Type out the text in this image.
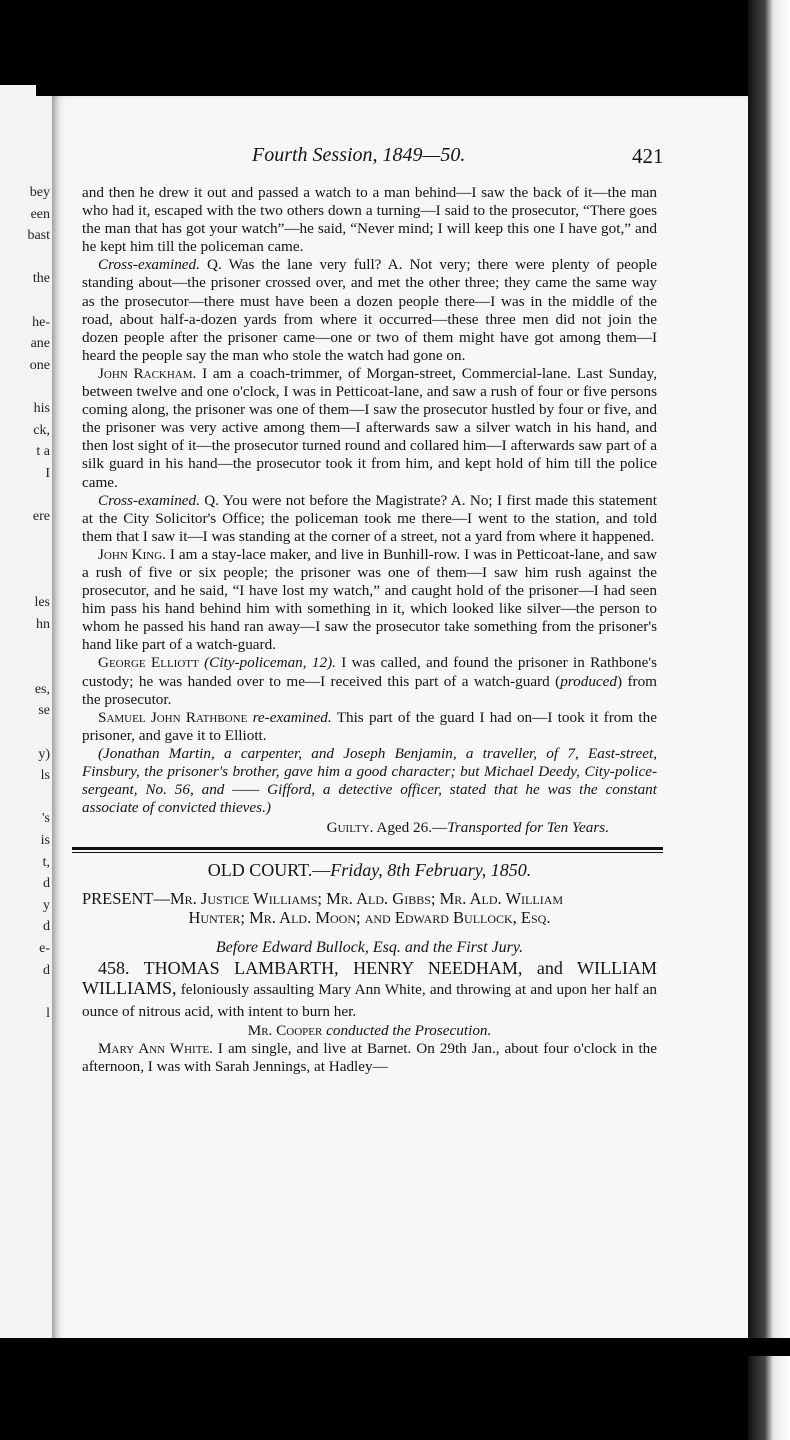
bey
een
bast
the
he-
ane
one
his
ck,
t a
I
ere
les
hn
es,
se
y)
ls
's
is
t,
d
y
d
e-
d
l
Fourth Session, 1849—50.	421

and then he drew it out and passed a watch to a man behind—I saw the back of it—the man who had it, escaped with the two others down a turning—I said to the prosecutor, “There goes the man that has got your watch”—he said, “Never mind; I will keep this one I have got,” and he kept him till the policeman came.

Cross-examined. Q. Was the lane very full? A. Not very; there were plenty of people standing about—the prisoner crossed over, and met the other three; they came the same way as the prosecutor—there must have been a dozen people there—I was in the middle of the road, about half-a-dozen yards from where it occurred—these three men did not join the dozen people after the prisoner came—one or two of them might have got among them—I heard the people say the man who stole the watch had gone on.

John Rackham. I am a coach-trimmer, of Morgan-street, Commercial-lane. Last Sunday, between twelve and one o'clock, I was in Petticoat-lane, and saw a rush of four or five persons coming along, the prisoner was one of them—I saw the prosecutor hustled by four or five, and the prisoner was very active among them—I afterwards saw a silver watch in his hand, and then lost sight of it—the prosecutor turned round and collared him—I afterwards saw part of a silk guard in his hand—the prosecutor took it from him, and kept hold of him till the police came.

Cross-examined. Q. You were not before the Magistrate? A. No; I first made this statement at the City Solicitor's Office; the policeman took me there—I went to the station, and told them that I saw it—I was standing at the corner of a street, not a yard from where it happened.

John King. I am a stay-lace maker, and live in Bunhill-row. I was in Petticoat-lane, and saw a rush of five or six people; the prisoner was one of them—I saw him rush against the prosecutor, and he said, “I have lost my watch,” and caught hold of the prisoner—I had seen him pass his hand behind him with something in it, which looked like silver—the person to whom he passed his hand ran away—I saw the prosecutor take something from the prisoner's hand like part of a watch-guard.

George Elliott (City-policeman, 12). I was called, and found the prisoner in Rathbone's custody; he was handed over to me—I received this part of a watch-guard (produced) from the prosecutor.

Samuel John Rathbone re-examined. This part of the guard I had on—I took it from the prisoner, and gave it to Elliott.

(Jonathan Martin, a carpenter, and Joseph Benjamin, a traveller, of 7, East-street, Finsbury, the prisoner's brother, gave him a good character; but Michael Deedy, City-police-sergeant, No. 56, and —— Gifford, a detective officer, stated that he was the constant associate of convicted thieves.)

Guilty. Aged 26.—Transported for Ten Years.

OLD COURT.—Friday, 8th February, 1850.
PRESENT—Mr. Justice Williams; Mr. Ald. Gibbs; Mr. Ald. William
Hunter; Mr. Ald. Moon; and Edward Bullock, Esq.
Before Edward Bullock, Esq. and the First Jury.

458. THOMAS LAMBARTH, HENRY NEEDHAM, and WILLIAM WILLIAMS, feloniously assaulting Mary Ann White, and throwing at and upon her half an ounce of nitrous acid, with intent to burn her.

Mr. Cooper conducted the Prosecution.

Mary Ann White. I am single, and live at Barnet. On 29th Jan., about four o'clock in the afternoon, I was with Sarah Jennings, at Hadley—
